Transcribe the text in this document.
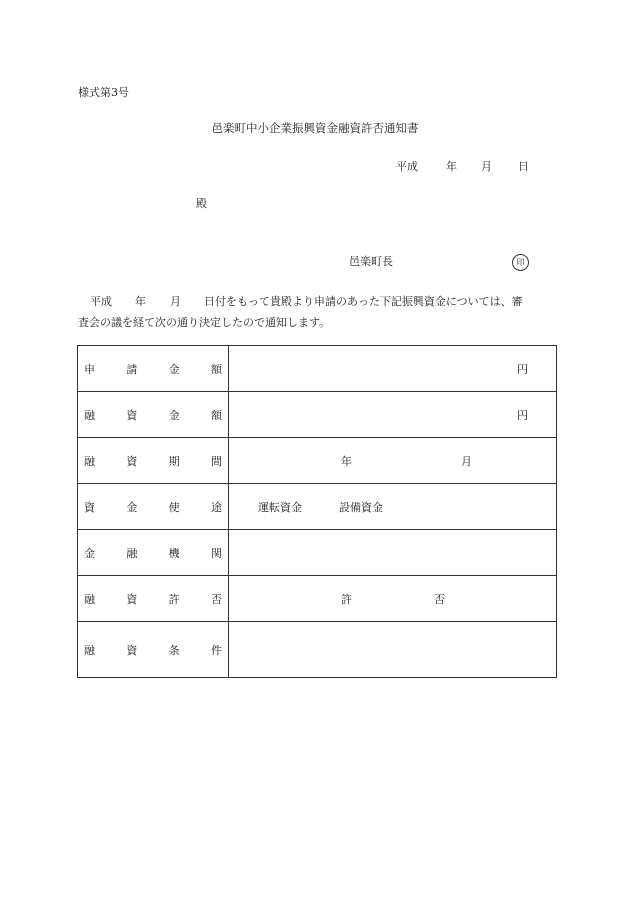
様式第3号
邑楽町中小企業振興資金融資許否通知書
平成	年 月 日
殿
邑楽町長	印
平成 年 月 日付をもって貴殿より申請のあった下記振興資金については、審
査会の議を経て次の通り決定したので通知します。
申 請 金 額	円

融 資 金 額	円

融 資 期 間	年 月

資 金 使 途	運転資金 設備資金

金 融 機 関	

融 資 許 否	許 否

融 資 条 件	
